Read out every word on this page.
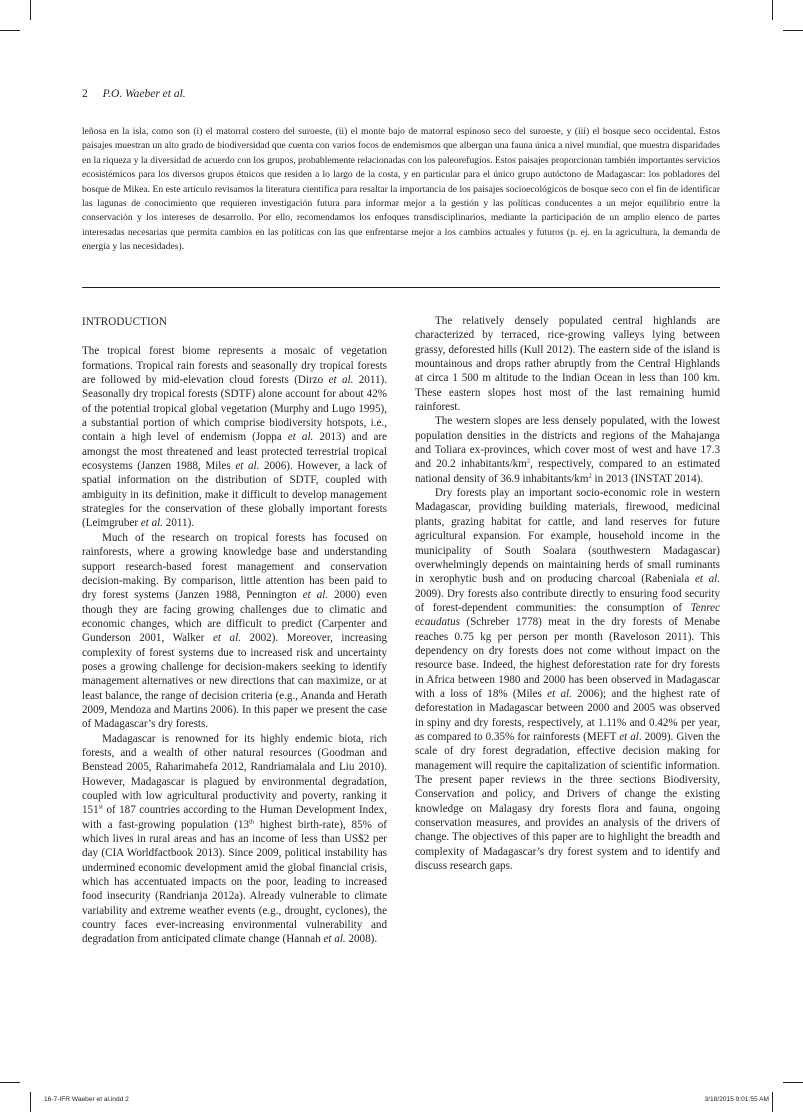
2 P.O. Waeber et al.
leñosa en la isla, como son (i) el matorral costero del suroeste, (ii) el monte bajo de matorral espinoso seco del suroeste, y (iii) el bosque seco occidental. Estos paisajes muestran un alto grado de biodiversidad que cuenta con varios focos de endemismos que albergan una fauna única a nivel mundial, que muestra disparidades en la riqueza y la diversidad de acuerdo con los grupos, probablemente relacionadas con los paleorefugios. Estos paisajes proporcionan también importantes servicios ecosistémicos para los diversos grupos étnicos que residen a lo largo de la costa, y en particular para el único grupo autóctono de Madagascar: los pobladores del bosque de Mikea. En este artículo revisamos la literatura científica para resaltar la importancia de los paisajes socioecológicos de bosque seco con el fin de identificar las lagunas de conocimiento que requieren investigación futura para informar mejor a la gestión y las políticas conducentes a un mejor equilibrio entre la conservación y los intereses de desarrollo. Por ello, recomendamos los enfoques transdisciplinarios, mediante la participación de un amplio elenco de partes interesadas necesarias que permita cambios en las políticas con las que enfrentarse mejor a los cambios actuales y futuros (p. ej. en la agricultura, la demanda de energía y las necesidades).
INTRODUCTION

The tropical forest biome represents a mosaic of vegetation formations. Tropical rain forests and seasonally dry tropical forests are followed by mid-elevation cloud forests (Dirzo et al. 2011). Seasonally dry tropical forests (SDTF) alone account for about 42% of the potential tropical global vegetation (Murphy and Lugo 1995), a substantial portion of which comprise biodiversity hotspots, i.e., contain a high level of endemism (Joppa et al. 2013) and are amongst the most threatened and least protected terrestrial tropical ecosystems (Janzen 1988, Miles et al. 2006). However, a lack of spatial information on the distribution of SDTF, coupled with ambiguity in its definition, make it difficult to develop management strategies for the conservation of these globally important forests (Leimgruber et al. 2011).

Much of the research on tropical forests has focused on rainforests, where a growing knowledge base and understanding support research-based forest management and conservation decision-making. By comparison, little attention has been paid to dry forest systems (Janzen 1988, Pennington et al. 2000) even though they are facing growing challenges due to climatic and economic changes, which are difficult to predict (Carpenter and Gunderson 2001, Walker et al. 2002). Moreover, increasing complexity of forest systems due to increased risk and uncertainty poses a growing challenge for decision-makers seeking to identify management alternatives or new directions that can maximize, or at least balance, the range of decision criteria (e.g., Ananda and Herath 2009, Mendoza and Martins 2006). In this paper we present the case of Madagascar’s dry forests.

Madagascar is renowned for its highly endemic biota, rich forests, and a wealth of other natural resources (Goodman and Benstead 2005, Raharimahefa 2012, Randriamalala and Liu 2010). However, Madagascar is plagued by environmental degradation, coupled with low agricultural productivity and poverty, ranking it 151st of 187 countries according to the Human Development Index, with a fast-growing population (13th highest birth-rate), 85% of which lives in rural areas and has an income of less than US$2 per day (CIA Worldfactbook 2013). Since 2009, political instability has undermined economic development amid the global financial crisis, which has accentuated impacts on the poor, leading to increased food insecurity (Randrianja 2012a). Already vulnerable to climate variability and extreme weather events (e.g., drought, cyclones), the country faces ever-increasing environmental vulnerability and degradation from anticipated climate change (Hannah et al. 2008).

The relatively densely populated central highlands are characterized by terraced, rice-growing valleys lying between grassy, deforested hills (Kull 2012). The eastern side of the island is mountainous and drops rather abruptly from the Central Highlands at circa 1 500 m altitude to the Indian Ocean in less than 100 km. These eastern slopes host most of the last remaining humid rainforest.

The western slopes are less densely populated, with the lowest population densities in the districts and regions of the Mahajanga and Toliara ex-provinces, which cover most of west and have 17.3 and 20.2 inhabitants/$km^2$, respectively, compared to an estimated national density of 36.9 inhabitants/$km^2$ in 2013 (INSTAT 2014).

Dry forests play an important socio-economic role in western Madagascar, providing building materials, firewood, medicinal plants, grazing habitat for cattle, and land reserves for future agricultural expansion. For example, household income in the municipality of South Soalara (southwestern Madagascar) overwhelmingly depends on maintaining herds of small ruminants in xerophytic bush and on producing charcoal (Rabeniala et al. 2009). Dry forests also contribute directly to ensuring food security of forest-dependent communities: the consumption of Tenrec ecaudatus (Schreber 1778) meat in the dry forests of Menabe reaches 0.75 kg per person per month (Raveloson 2011). This dependency on dry forests does not come without impact on the resource base. Indeed, the highest deforestation rate for dry forests in Africa between 1980 and 2000 has been observed in Madagascar with a loss of 18% (Miles et al. 2006); and the highest rate of deforestation in Madagascar between 2000 and 2005 was observed in spiny and dry forests, respectively, at 1.11% and 0.42% per year, as compared to 0.35% for rainforests (MEFT et al. 2009). Given the scale of dry forest degradation, effective decision making for management will require the capitalization of scientific information. The present paper reviews in the three sections Biodiversity, Conservation and policy, and Drivers of change the existing knowledge on Malagasy dry forests flora and fauna, ongoing conservation measures, and provides an analysis of the drivers of change. The objectives of this paper are to highlight the breadth and complexity of Madagascar’s dry forest system and to identify and discuss research gaps.

16-7-IFR Waeber et al.indd 2	3/18/2015 9:01:55 AM
